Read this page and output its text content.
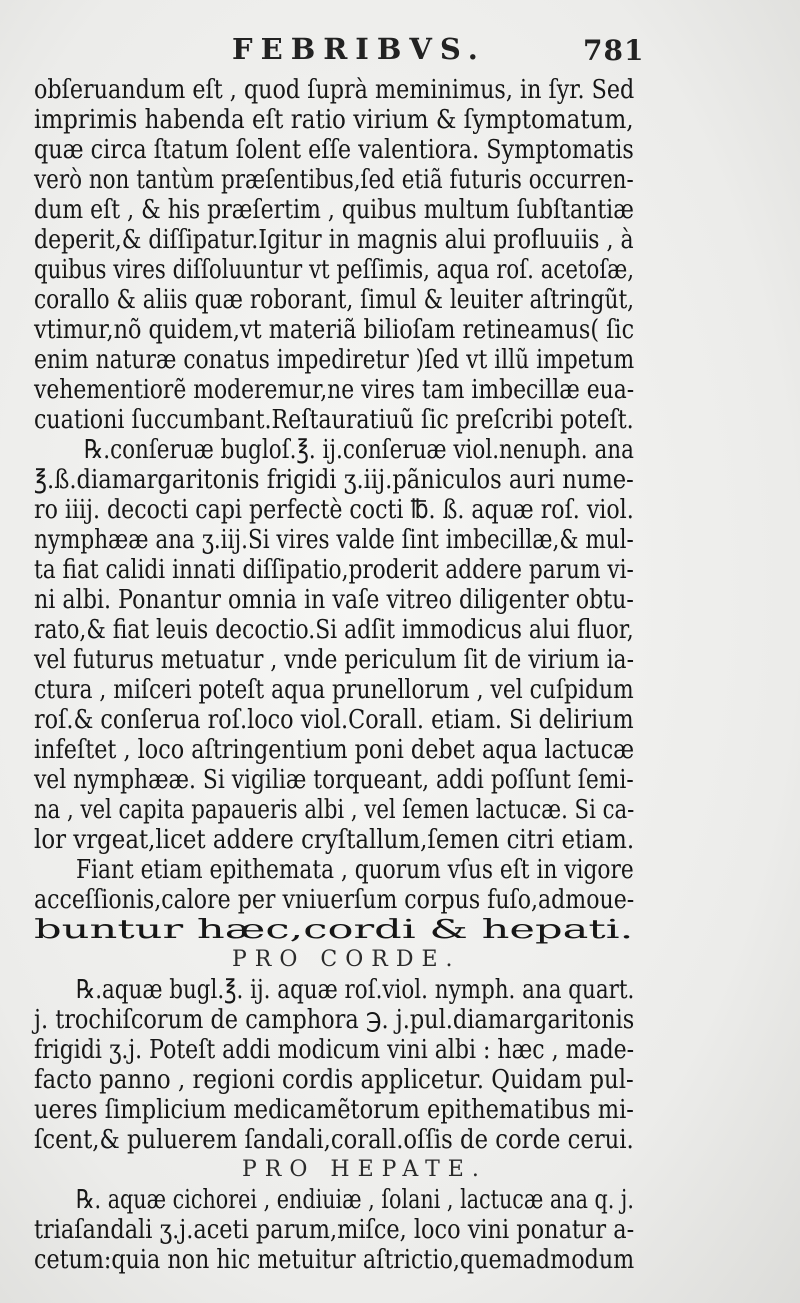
FEBRIBVS.	781
obſeruandum eſt , quod ſuprà meminimus, in ſyr. Sed
imprimis habenda eſt ratio virium & ſymptomatum,
quæ circa ſtatum ſolent eſſe valentiora. Symptomatis
verò non tantùm præſentibus,ſed etiã futuris occurren-
dum eſt , & his præſertim , quibus multum ſubſtantiæ
deperit,& diſſipatur.Igitur in magnis alui profluuiis , à
quibus vires diſſoluuntur vt peſſimis, aqua roſ. acetoſæ,
corallo & aliis quæ roborant, ſimul & leuiter aſtringũt,
vtimur,nõ quidem,vt materiã bilioſam retineamus( ſic
enim naturæ conatus impediretur )ſed vt illũ impetum
vehementiorẽ moderemur,ne vires tam imbecillæ eua-
cuationi ſuccumbant.Reſtauratiuũ ſic preſcribi poteſt.
℞.conſeruæ bugloſ.℥. ij.conſeruæ viol.nenuph. ana
℥.ß.diamargaritonis frigidi ʒ.iij.pãniculos auri nume-
ro iiij. decocti capi perfectè cocti ℔. ß. aquæ roſ. viol.
nymphææ ana ʒ.iij.Si vires valde ſint imbecillæ,& mul-
ta fiat calidi innati diſſipatio,proderit addere parum vi-
ni albi. Ponantur omnia in vaſe vitreo diligenter obtu-
rato,& fiat leuis decoctio.Si adſit immodicus alui fluor,
vel futurus metuatur , vnde periculum ſit de virium ia-
ctura , miſceri poteſt aqua prunellorum , vel cuſpidum
roſ.& conſerua roſ.loco viol.Corall. etiam. Si delirium
infeſtet , loco aſtringentium poni debet aqua lactucæ
vel nymphææ. Si vigiliæ torqueant, addi poſſunt ſemi-
na , vel capita papaueris albi , vel ſemen lactucæ. Si ca-
lor vrgeat,licet addere cryſtallum,ſemen citri etiam.
Fiant etiam epithemata , quorum vſus eſt in vigore
acceſſionis,calore per vniuerſum corpus fuſo,admoue-
buntur hæc,cordi & hepati.
PRO CORDE.
℞.aquæ bugl.℥. ij. aquæ roſ.viol. nymph. ana quart.
j. trochiſcorum de camphora ℈. j.pul.diamargaritonis
frigidi ʒ.j. Poteſt addi modicum vini albi : hæc , made-
facto panno , regioni cordis applicetur. Quidam pul-
ueres ſimplicium medicamẽtorum epithematibus mi-
ſcent,& puluerem ſandali,corall.oſſis de corde cerui.
PRO HEPATE.
℞. aquæ cichorei , endiuiæ , ſolani , lactucæ ana q. j.
triaſandali ʒ.j.aceti parum,miſce, loco vini ponatur a-
cetum:quia non hic metuitur aſtrictio,quemadmodum
